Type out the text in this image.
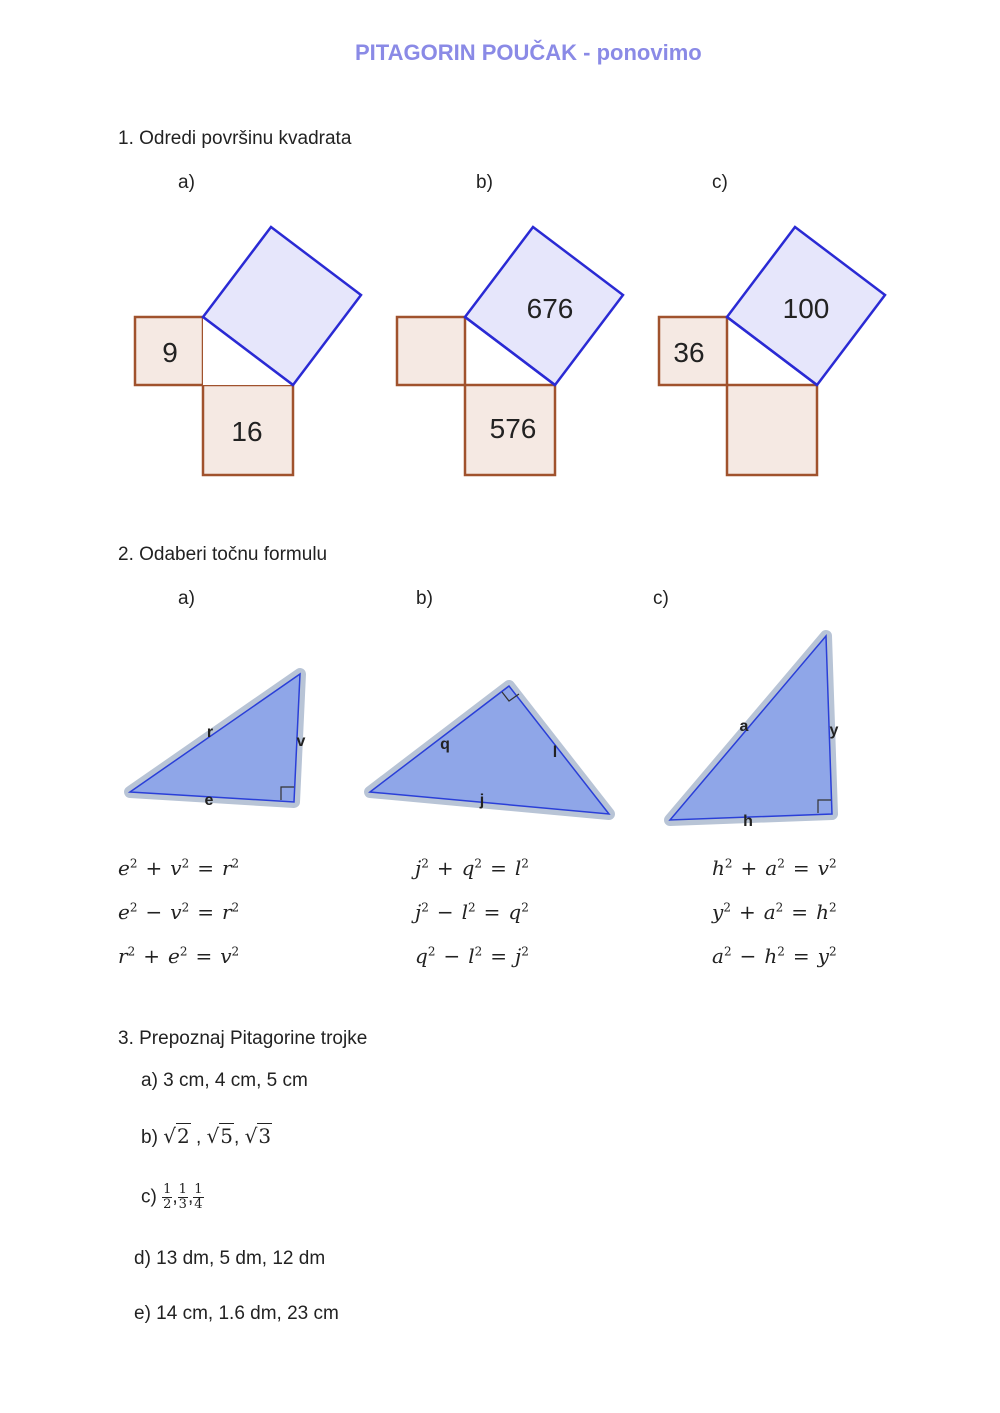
PITAGORIN POUČAK - ponovimo
1. Odredi površinu kvadrata
a)	b)	c)
9
16	576
676
36
100
r
v
e
q	l
j
a	y
h
2. Odaberi točnu formulu
a)	b)	c)
$e^2 + v^2 = r^2$
$e^2 - v^2 = r^2$
$r^2 + e^2 = v^2$
$j^2 + q^2 = l^2$
$j^2 - l^2 = q^2$
$q^2 - l^2 = j^2$
$h^2 + a^2 = v^2$
$y^2 + a^2 = h^2$
$a^2 - h^2 = y^2$
3. Prepoznaj Pitagorine trojke
a) 3 cm, 4 cm, 5 cm
b) √2 , √5, √3
$c) \frac{1}{2}$ , $\frac{1}{3}$ , $\frac{1}{4}$
d) 13 dm, 5 dm, 12 dm
e) 14 cm, 1.6 dm, 23 cm
